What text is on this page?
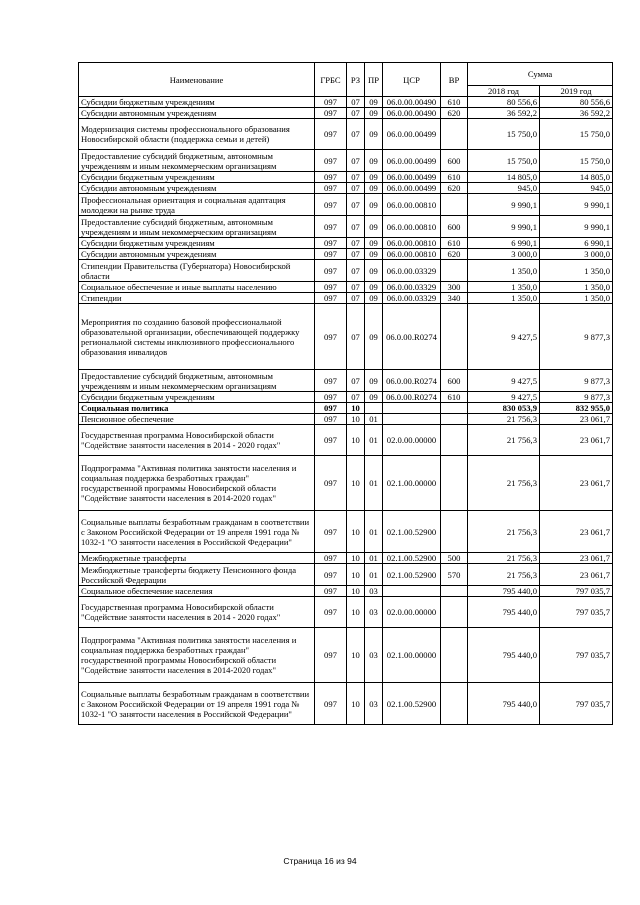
Наименование	ГРБС	РЗ	ПР	ЦСР	ВР	Сумма	
						2018 год	2019 год
Субсидии бюджетным учреждениям	097	07	09	06.0.00.00490	610	80 556,6	80 556,6
Субсидии автономным учреждениям	097	07	09	06.0.00.00490	620	36 592,2	36 592,2
Модернизация системы профессионального образования Новосибирской области (поддержка семьи и детей)	097	07	09	06.0.00.00499		15 750,0	15 750,0
Предоставление субсидий бюджетным, автономным учреждениям и иным некоммерческим организациям	097	07	09	06.0.00.00499	600	15 750,0	15 750,0
Субсидии бюджетным учреждениям	097	07	09	06.0.00.00499	610	14 805,0	14 805,0
Субсидии автономным учреждениям	097	07	09	06.0.00.00499	620	945,0	945,0
Профессиональная ориентация и социальная адаптация молодежи на рынке труда	097	07	09	06.0.00.00810		9 990,1	9 990,1
Предоставление субсидий бюджетным, автономным учреждениям и иным некоммерческим организациям	097	07	09	06.0.00.00810	600	9 990,1	9 990,1
Субсидии бюджетным учреждениям	097	07	09	06.0.00.00810	610	6 990,1	6 990,1
Субсидии автономным учреждениям	097	07	09	06.0.00.00810	620	3 000,0	3 000,0
Стипендии Правительства (Губернатора) Новосибирской области	097	07	09	06.0.00.03329		1 350,0	1 350,0
Социальное обеспечение и иные выплаты населению	097	07	09	06.0.00.03329	300	1 350,0	1 350,0
Стипендии	097	07	09	06.0.00.03329	340	1 350,0	1 350,0
Мероприятия по созданию базовой профессиональной образовательной организации, обеспечивающей поддержку региональной системы инклюзивного профессионального образования инвалидов	097	07	09	06.0.00.R0274		9 427,5	9 877,3
Предоставление субсидий бюджетным, автономным учреждениям и иным некоммерческим организациям	097	07	09	06.0.00.R0274	600	9 427,5	9 877,3
Субсидии бюджетным учреждениям	097	07	09	06.0.00.R0274	610	9 427,5	9 877,3
Социальная политика	097	10				830 053,9	832 955,0
Пенсионное обеспечение	097	10	01			21 756,3	23 061,7
Государственная программа Новосибирской области "Содействие занятости населения в 2014 - 2020 годах"	097	10	01	02.0.00.00000		21 756,3	23 061,7
Подпрограмма "Активная политика занятости населения и социальная поддержка безработных граждан" государственной программы Новосибирской области "Содействие занятости населения в 2014-2020 годах"	097	10	01	02.1.00.00000		21 756,3	23 061,7
Социальные выплаты безработным гражданам в соответствии с Законом Российской Федерации от 19 апреля 1991 года № 1032-1 "О занятости населения в Российской Федерации"	097	10	01	02.1.00.52900		21 756,3	23 061,7
Межбюджетные трансферты	097	10	01	02.1.00.52900	500	21 756,3	23 061,7
Межбюджетные трансферты бюджету Пенсионного фонда Российской Федерации	097	10	01	02.1.00.52900	570	21 756,3	23 061,7
Социальное обеспечение населения	097	10	03			795 440,0	797 035,7
Государственная программа Новосибирской области "Содействие занятости населения в 2014 - 2020 годах"	097	10	03	02.0.00.00000		795 440,0	797 035,7
Подпрограмма "Активная политика занятости населения и социальная поддержка безработных граждан" государственной программы Новосибирской области "Содействие занятости населения в 2014-2020 годах"	097	10	03	02.1.00.00000		795 440,0	797 035,7
Социальные выплаты безработным гражданам в соответствии с Законом Российской Федерации от 19 апреля 1991 года № 1032-1 "О занятости населения в Российской Федерации"	097	10	03	02.1.00.52900		795 440,0	797 035,7
Страница 16 из 94
